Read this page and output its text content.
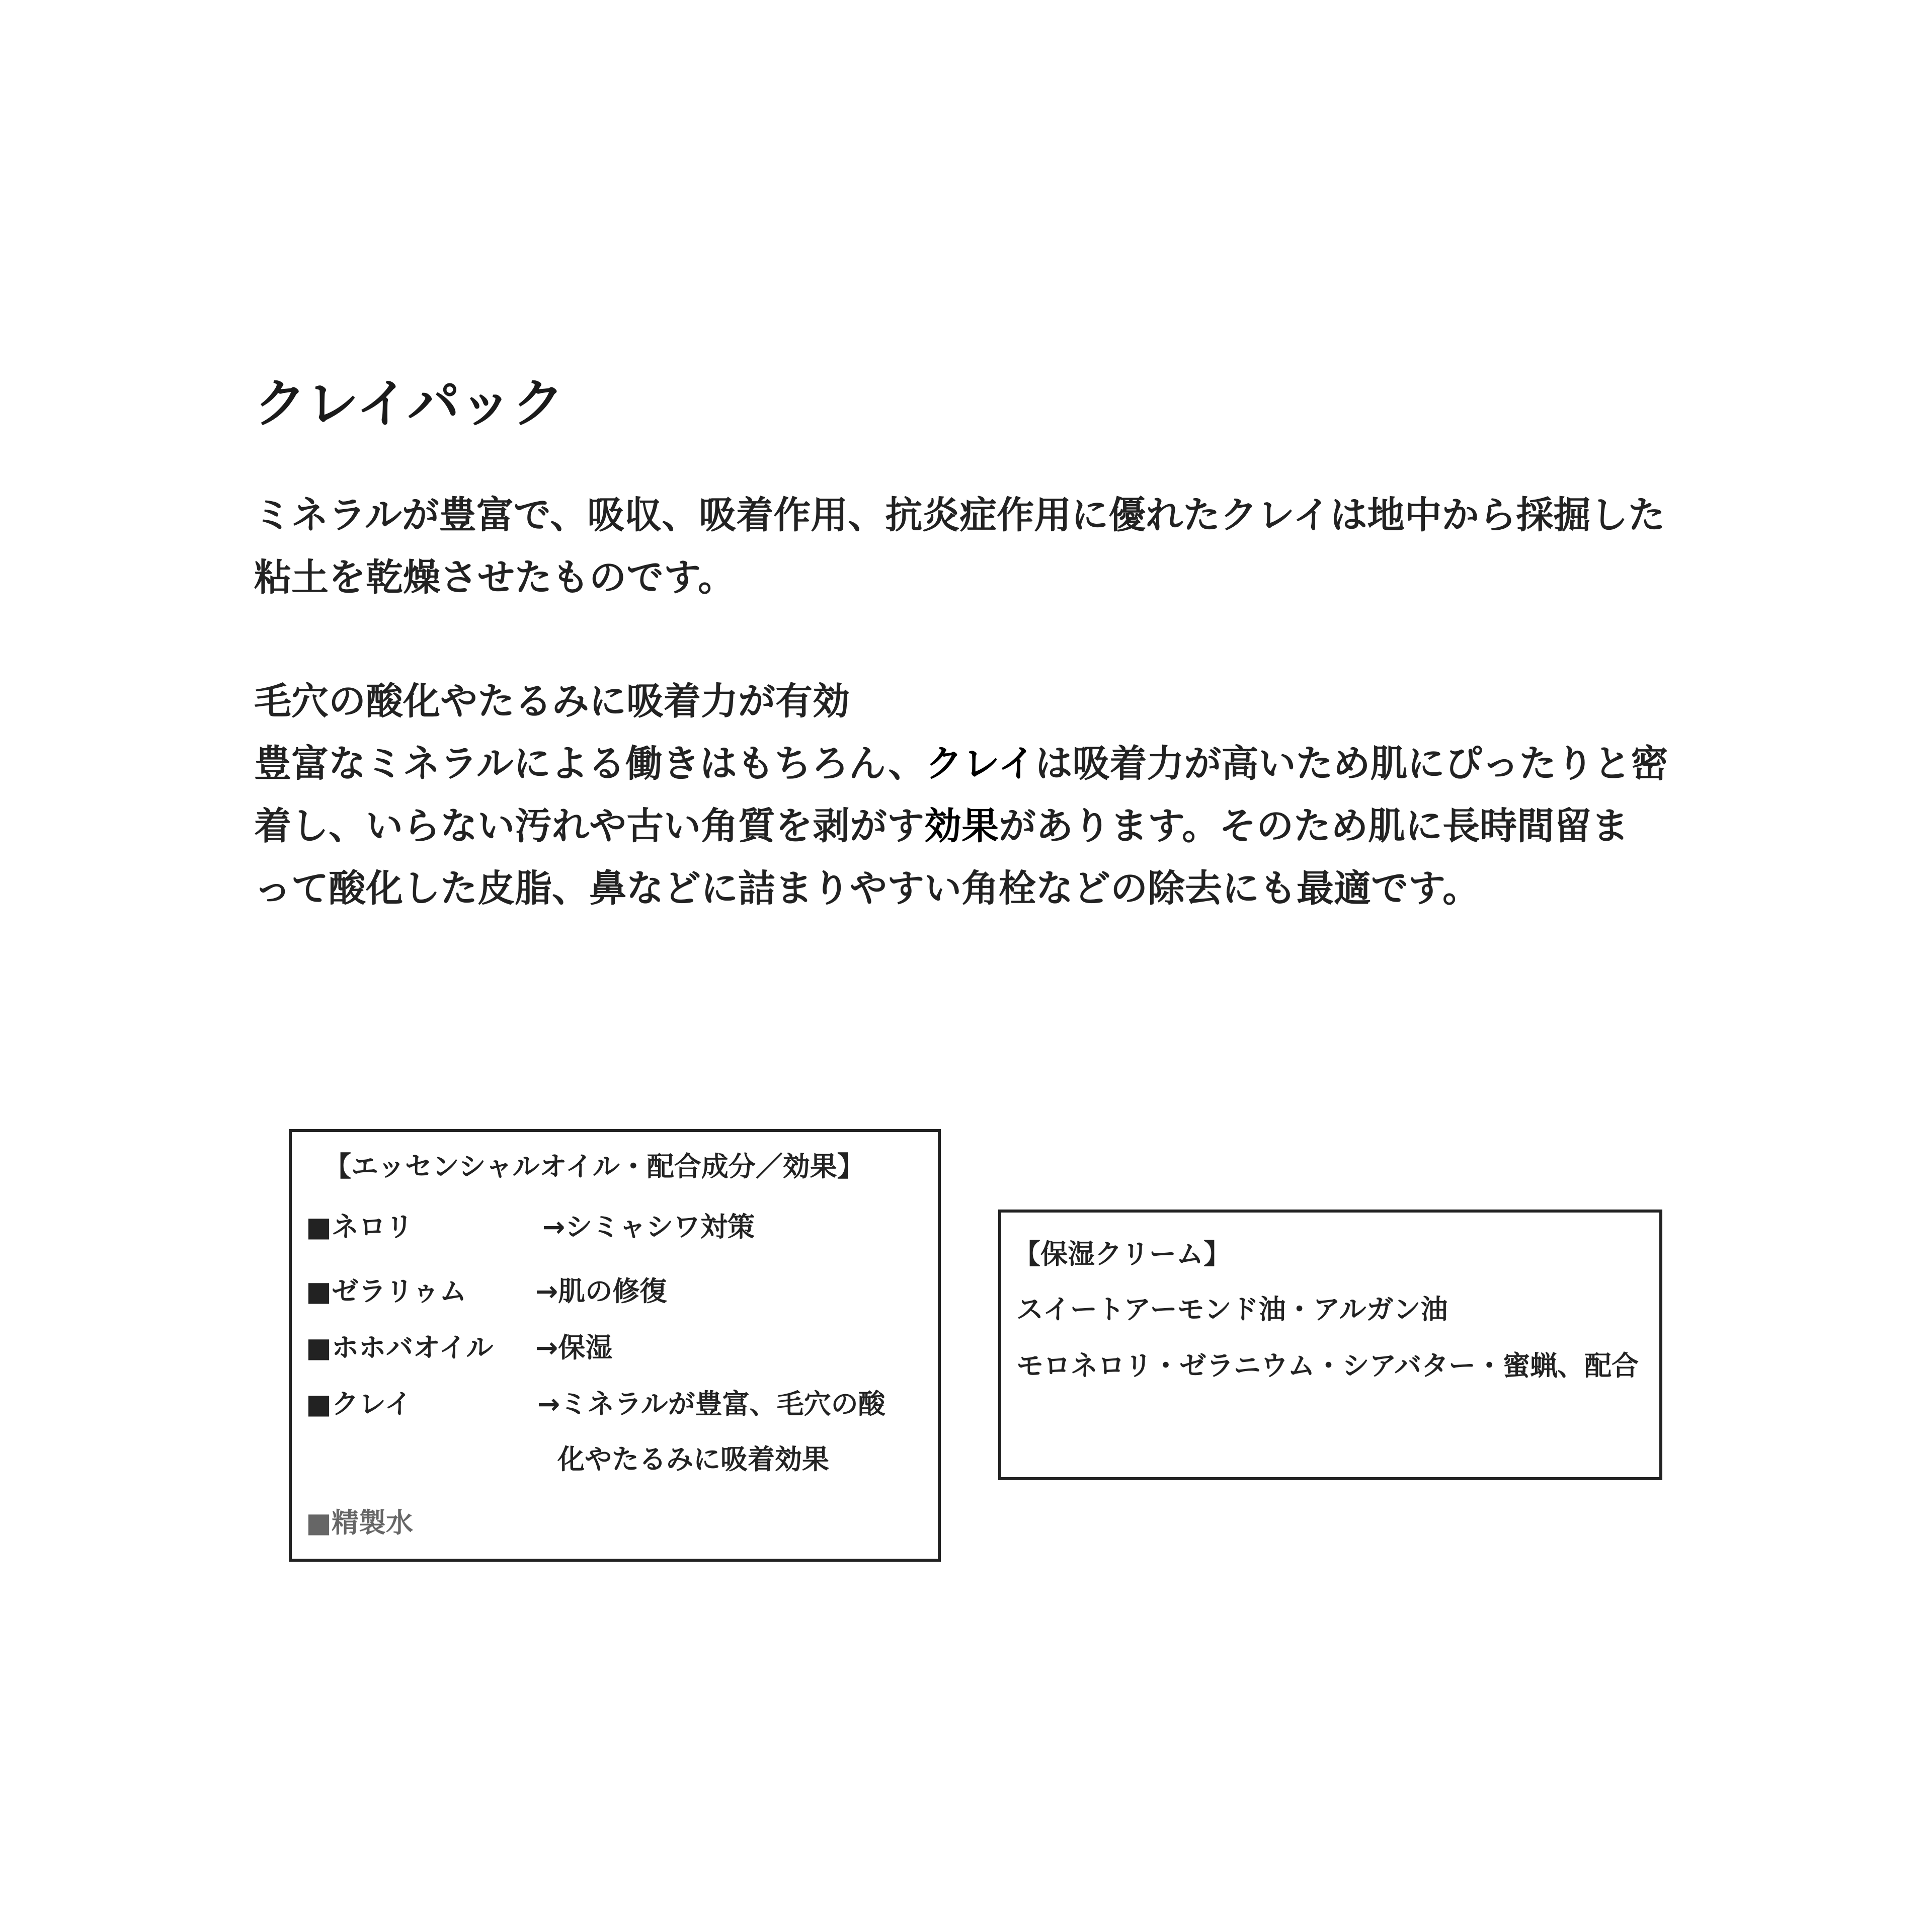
クレイパック

ミネラルが豊富で、吸収、吸着作用、抗炎症作用に優れたクレイは地中から採掘した

粘土を乾燥させたものです。

毛穴の酸化やたるみに吸着力が有効

豊富なミネラルによる働きはもちろん、クレイは吸着力が高いため肌にぴったりと密

着し、いらない汚れや古い角質を剥がす効果があります。そのため肌に長時間留ま

って酸化した皮脂、鼻などに詰まりやすい角栓などの除去にも最適です。

【エッセンシャルオイル・配合成分／効果】
■ネロリ	→シミャシワ対策
■ゼラリゥム	→肌の修復
■ホホバオイル →保湿
■クレイ	→ミネラルが豊富、毛穴の酸
化やたるみに吸着効果
■精製水
【保湿クリーム】
スイートアーモンド油・アルガン油
モロネロリ・ゼラニウム・シアバター・蜜蝋、配合
